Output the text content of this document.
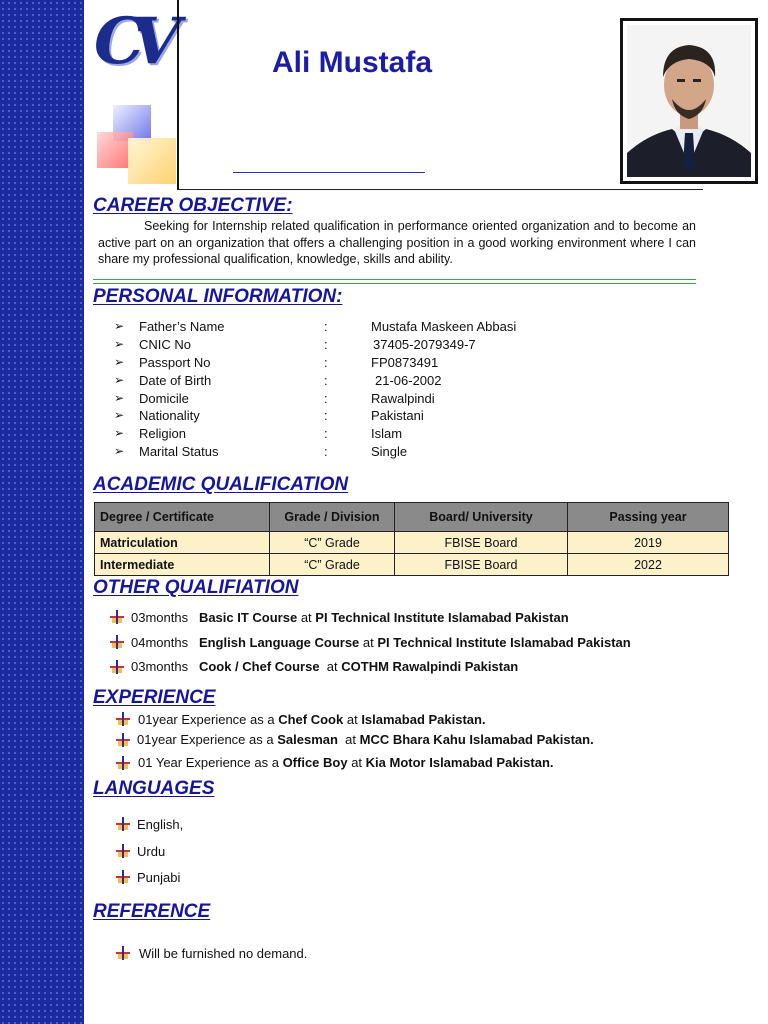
CV	Ali Mustafa
CAREER OBJECTIVE:
Seeking for Internship related qualification in performance oriented organization and to become an active part on an organization that offers a challenging position in a good working environment where I can share my professional qualification, knowledge, skills and ability.
PERSONAL INFORMATION:
➢ Father’s Name	:	Mustafa Maskeen Abbasi
➢ CNIC No	:	37405-2079349-7
➢ Passport No	:	FP0873491
➢ Date of Birth	:	21-06-2002
➢ Domicile	:	Rawalpindi
➢ Nationality	:	Pakistani
➢ Religion	:	Islam
➢ Marital Status	:	Single
ACADEMIC QUALIFICATION
Degree / Certificate	Grade / Division	Board/ University	Passing year
Matriculation	“C” Grade	FBISE Board	2019
Intermediate	“C” Grade	FBISE Board	2022
OTHER QUALIFIATION
03months Basic IT Course at PI Technical Institute Islamabad Pakistan
04months English Language Course at PI Technical Institute Islamabad Pakistan
03months Cook / Chef Course at COTHM Rawalpindi Pakistan
EXPERIENCE
01year Experience as a Chef Cook at Islamabad Pakistan.
01year Experience as a Salesman at MCC Bhara Kahu Islamabad Pakistan.
01 Year Experience as a Office Boy at Kia Motor Islamabad Pakistan.
LANGUAGES
English,
Urdu
Punjabi
REFERENCE
Will be furnished no demand.
